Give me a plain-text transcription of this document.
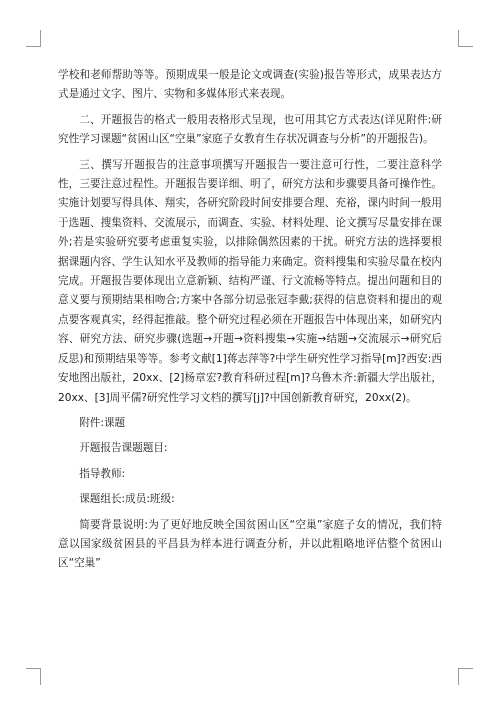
学校和老师帮助等等。预期成果一般是论文或调查(实验)报告等形式，成果表达方式是通过文字、图片、实物和多媒体形式来表现。

二、开题报告的格式一般用表格形式呈现，也可用其它方式表达(详见附件:研究性学习课题“贫困山区“空巢”家庭子女教育生存状况调查与分析”的开题报告)。

三、撰写开题报告的注意事项撰写开题报告一要注意可行性，二要注意科学性，三要注意过程性。开题报告要详细、明了，研究方法和步骤要具备可操作性。实施计划要写得具体、翔实，各研究阶段时间安排要合理、充裕，课内时间一般用于选题、搜集资料、交流展示，而调查、实验、材料处理、论文撰写尽量安排在课外;若是实验研究要考虑重复实验，以排除偶然因素的干扰。研究方法的选择要根据课题内容、学生认知水平及教师的指导能力来确定。资料搜集和实验尽量在校内完成。开题报告要体现出立意新颖、结构严谨、行文流畅等特点。提出问题和目的意义要与预期结果相吻合;方案中各部分切忌张冠李戴;获得的信息资料和提出的观点要客观真实，经得起推敲。整个研究过程必须在开题报告中体现出来，如研究内容、研究方法、研究步骤(选题→开题→资料搜集→实施→结题→交流展示→研究后反思)和预期结果等等。参考文献[1]蒋志萍等?中学生研究性学习指导[m]?西安:西安地图出版社，20xx、[2]杨章宏?教育科研过程[m]?乌鲁木齐:新疆大学出版社，20xx、[3]周平儒?研究性学习文档的撰写[j]?中国创新教育研究，20xx(2)。

附件:课题

开题报告课题题目:

指导教师:

课题组长:成员:班级:

简要背景说明:为了更好地反映全国贫困山区“空巢”家庭子女的情况，我们特意以国家级贫困县的平昌县为样本进行调查分析，并以此粗略地评估整个贫困山区“空巢”
